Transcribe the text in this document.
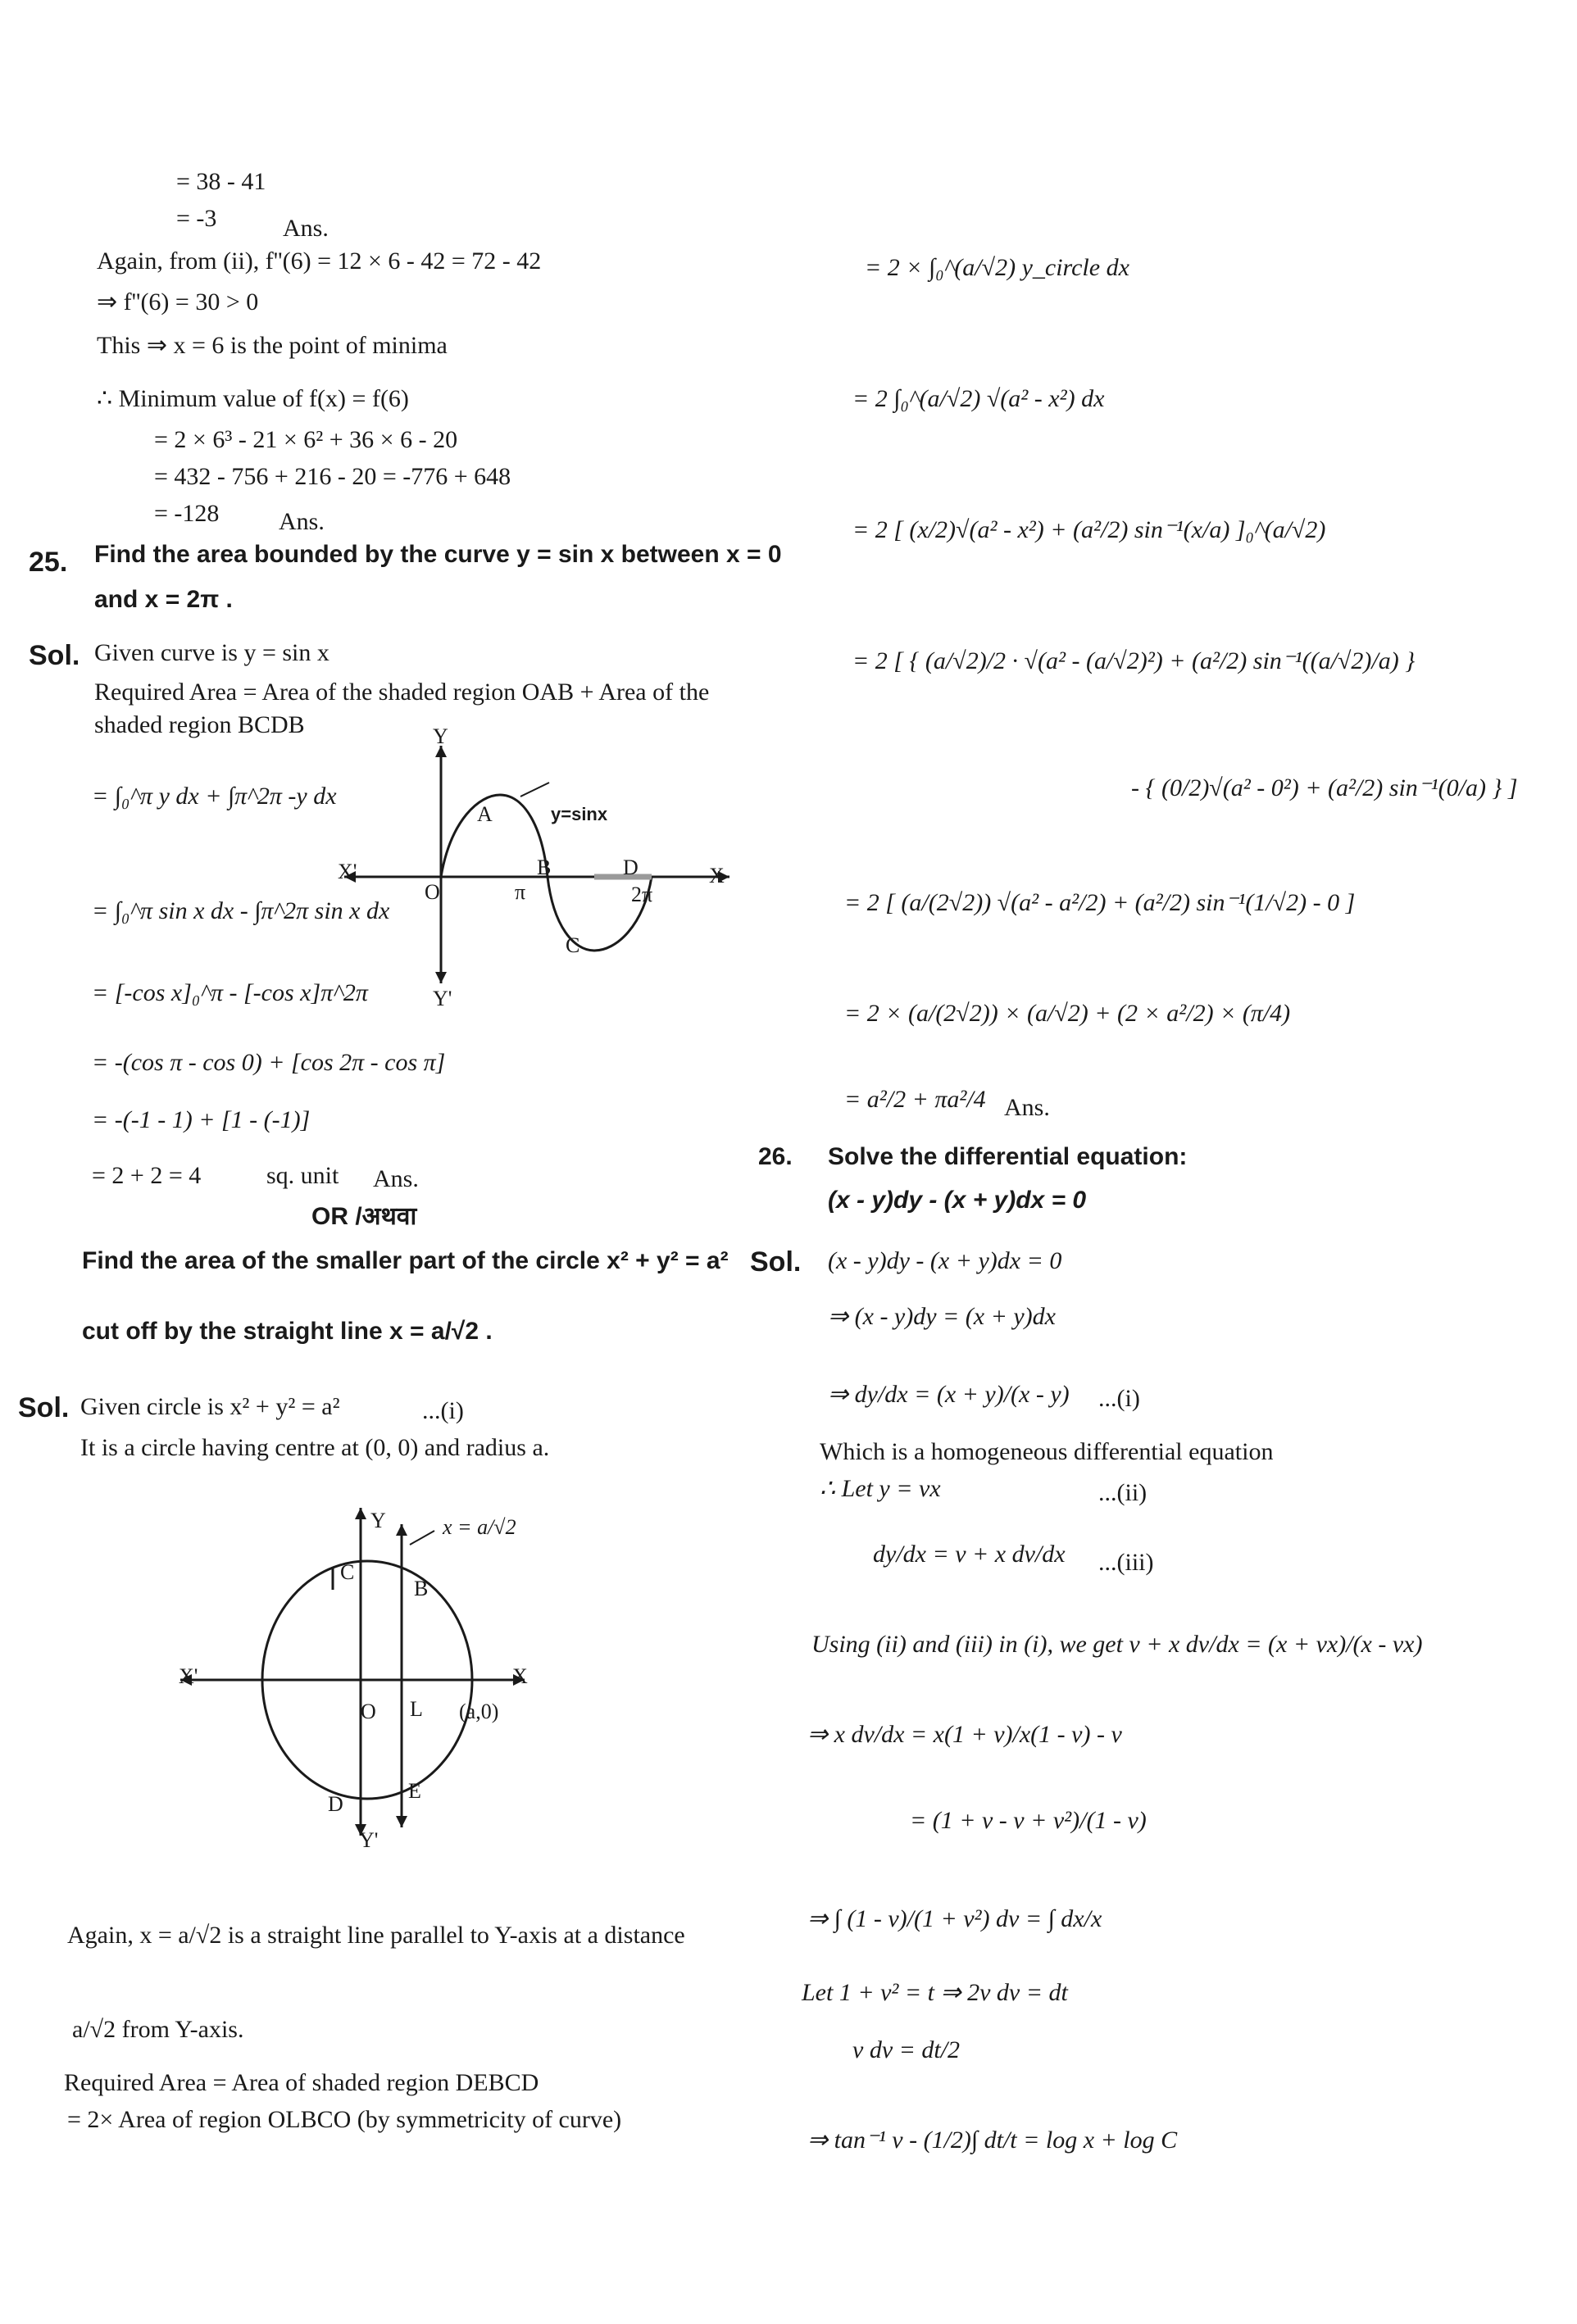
= 38 - 41
= -3	Ans.
Again, from (ii), f''(6) = 12 × 6 - 42 = 72 - 42
⇒ f''(6) = 30 > 0
This ⇒ x = 6 is the point of minima
∴ Minimum value of f(x) = f(6)
= 2 × 6³ - 21 × 6² + 36 × 6 - 20
= 432 - 756 + 216 - 20 = -776 + 648
= -128 Ans.
25. Find the area bounded by the curve y = sin x between x = 0
and x = 2π .
Sol. Given curve is y = sin x
Required Area = Area of the shaded region OAB + Area of the
shaded region BCDB
= ∫₀^π y dx + ∫π^2π -y dx
= ∫₀^π sin x dx - ∫π^2π sin x dx
= [-cos x]₀^π - [-cos x]π^2π
= -(cos π - cos 0) + [cos 2π - cos π]
= -(-1 - 1) + [1 - (-1)]
= 2 + 2 = 4	sq. unit Ans.
OR /अथवा
Y
Y'
X'	X
O
A
B
C
D
π	2π
y=sinx
Find the area of the smaller part of the circle x² + y² = a²
cut off by the straight line x = a/√2 .
Sol. Given circle is x² + y² = a²	...(i)
It is a circle having centre at (0, 0) and radius a.
Y
Y'
X'	X
O L
B
C
D
E
(a,0)
x = a/√2
Again, x = a/√2 is a straight line parallel to Y-axis at a distance
a/√2 from Y-axis.
Required Area = Area of shaded region DEBCD
= 2× Area of region OLBCO (by symmetricity of curve)
= 2 × ∫₀^(a/√2) y_circle dx
= 2 ∫₀^(a/√2) √(a² - x²) dx
= 2 [ (x/2)√(a² - x²) + (a²/2) sin⁻¹(x/a) ]₀^(a/√2)
= 2 [ { (a/√2)/2 · √(a² - (a/√2)²) + (a²/2) sin⁻¹((a/√2)/a) }
- { (0/2)√(a² - 0²) + (a²/2) sin⁻¹(0/a) } ]
= 2 [ (a/(2√2)) √(a² - a²/2) + (a²/2) sin⁻¹(1/√2) - 0 ]
= 2 × (a/(2√2)) × (a/√2) + (2 × a²/2) × (π/4)
= a²/2 + πa²/4 Ans.
26. Solve the differential equation:
(x - y)dy - (x + y)dx = 0
Sol. (x - y)dy - (x + y)dx = 0
⇒ (x - y)dy = (x + y)dx
⇒ dy/dx = (x + y)/(x - y) ...(i)
Which is a homogeneous differential equation
∴ Let y = vx	...(ii)
dy/dx = v + x dv/dx ...(iii)
Using (ii) and (iii) in (i), we get v + x dv/dx = (x + vx)/(x - vx)
⇒ x dv/dx = x(1 + v)/x(1 - v) - v
= (1 + v - v + v²)/(1 - v)
⇒ ∫ (1 - v)/(1 + v²) dv = ∫ dx/x
Let 1 + v² = t ⇒ 2v dv = dt
v dv = dt/2
⇒ tan⁻¹ v - (1/2)∫ dt/t = log x + log C
